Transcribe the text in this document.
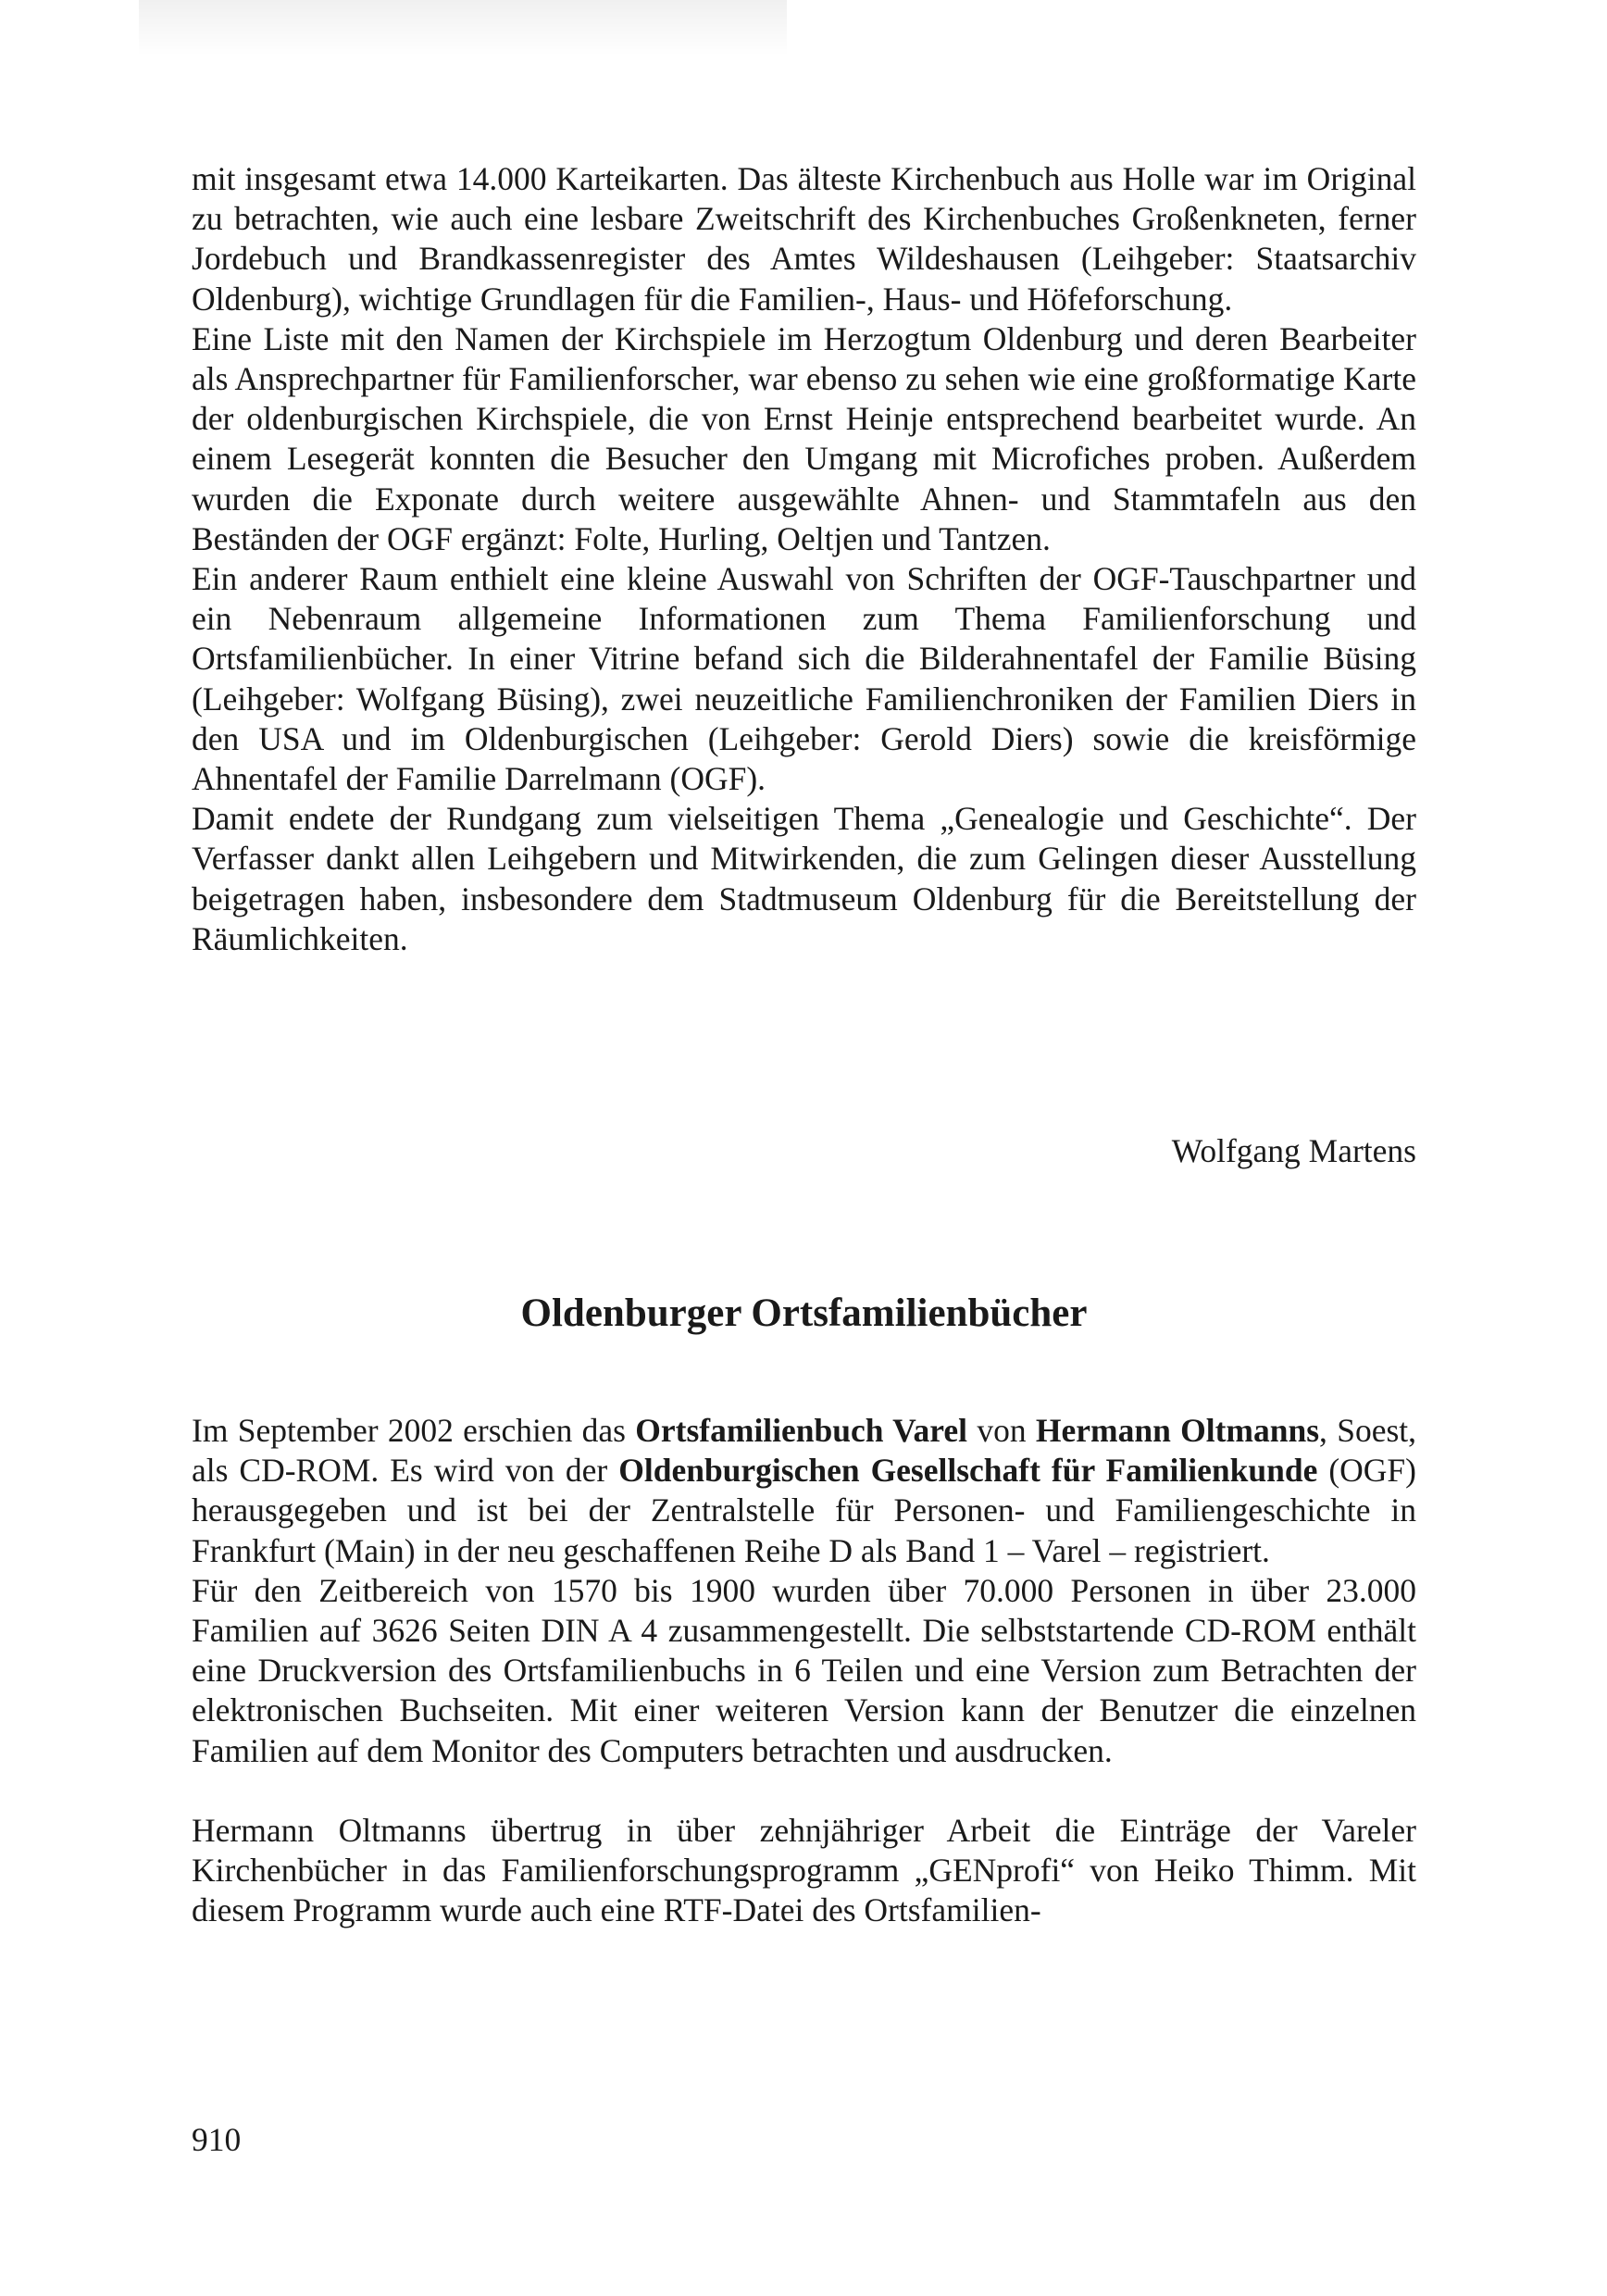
mit insgesamt etwa 14.000 Karteikarten. Das älteste Kirchenbuch aus Holle war im Original zu betrachten, wie auch eine lesbare Zweitschrift des Kirchenbuches Großenkneten, ferner Jordebuch und Brandkassenregister des Amtes Wildeshausen (Leihgeber: Staatsarchiv Oldenburg), wichtige Grundlagen für die Familien-, Haus- und Höfeforschung.

Eine Liste mit den Namen der Kirchspiele im Herzogtum Oldenburg und deren Bearbeiter als Ansprechpartner für Familienforscher, war ebenso zu sehen wie eine großformatige Karte der oldenburgischen Kirchspiele, die von Ernst Heinje entsprechend bearbeitet wurde. An einem Lesegerät konnten die Besucher den Umgang mit Microfiches proben. Außerdem wurden die Exponate durch weitere ausgewählte Ahnen- und Stammtafeln aus den Beständen der OGF ergänzt: Folte, Hurling, Oeltjen und Tantzen.

Ein anderer Raum enthielt eine kleine Auswahl von Schriften der OGF-Tauschpartner und ein Nebenraum allgemeine Informationen zum Thema Familienforschung und Ortsfamilienbücher. In einer Vitrine befand sich die Bilderahnentafel der Familie Büsing (Leihgeber: Wolfgang Büsing), zwei neuzeitliche Familienchroniken der Familien Diers in den USA und im Oldenburgischen (Leihgeber: Gerold Diers) sowie die kreisförmige Ahnentafel der Familie Darrelmann (OGF).

Damit endete der Rundgang zum vielseitigen Thema „Genealogie und Geschichte“. Der Verfasser dankt allen Leihgebern und Mitwirkenden, die zum Gelingen dieser Ausstellung beigetragen haben, insbesondere dem Stadtmuseum Oldenburg für die Bereitstellung der Räumlichkeiten.

Wolfgang Martens
Oldenburger Ortsfamilienbücher

Im September 2002 erschien das Ortsfamilienbuch Varel von Hermann Oltmanns, Soest, als CD-ROM. Es wird von der Oldenburgischen Gesellschaft für Familienkunde (OGF) herausgegeben und ist bei der Zentralstelle für Personen- und Familiengeschichte in Frankfurt (Main) in der neu geschaffenen Reihe D als Band 1 – Varel – registriert.

Für den Zeitbereich von 1570 bis 1900 wurden über 70.000 Personen in über 23.000 Familien auf 3626 Seiten DIN A 4 zusammengestellt. Die selbststartende CD-ROM enthält eine Druckversion des Ortsfamilienbuchs in 6 Teilen und eine Version zum Betrachten der elektronischen Buchseiten. Mit einer weiteren Version kann der Benutzer die einzelnen Familien auf dem Monitor des Computers betrachten und ausdrucken.

Hermann Oltmanns übertrug in über zehnjähriger Arbeit die Einträge der Vareler Kirchenbücher in das Familienforschungsprogramm „GENprofi“ von Heiko Thimm. Mit diesem Programm wurde auch eine RTF-Datei des Ortsfamilien-

910
